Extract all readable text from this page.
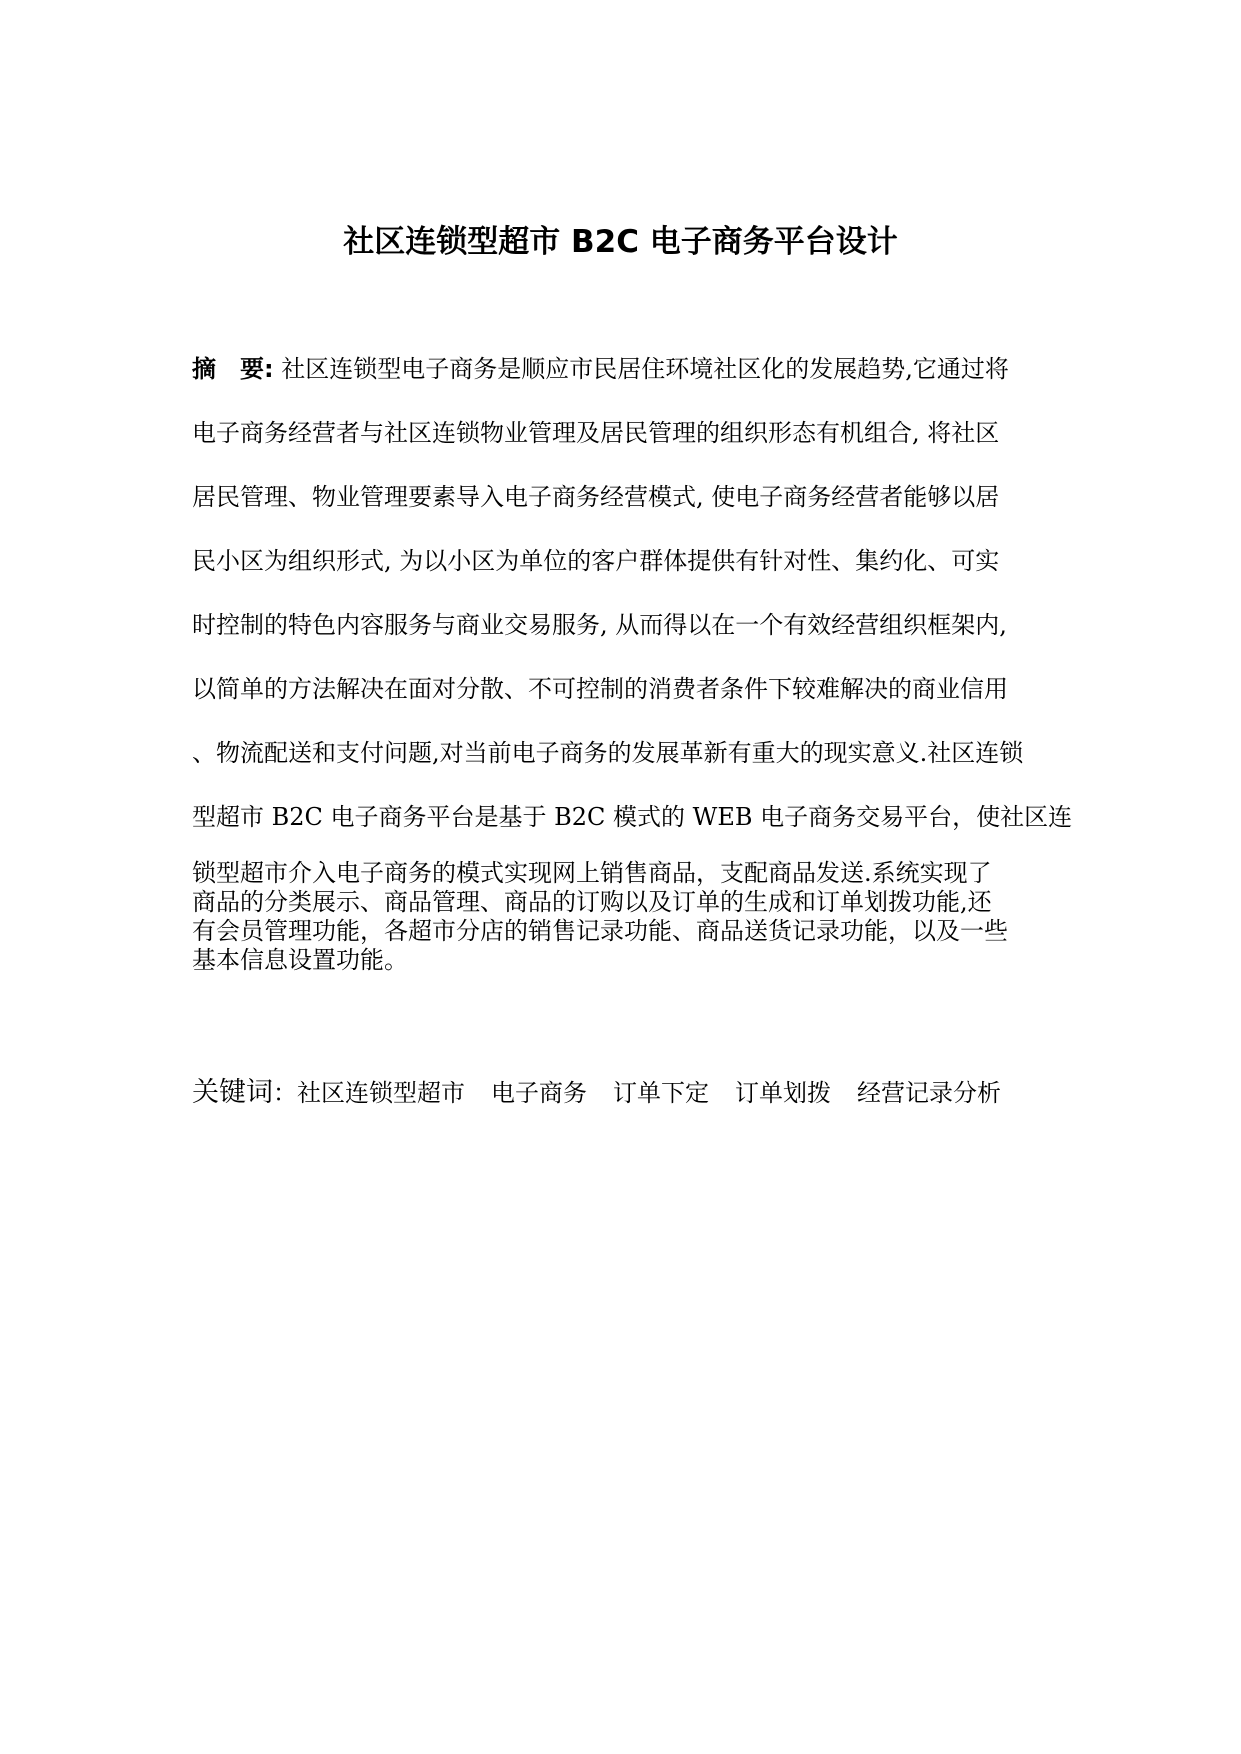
社区连锁型超市 B2C 电子商务平台设计

摘　要: 社区连锁型电子商务是顺应市民居住环境社区化的发展趋势,它通过将

电子商务经营者与社区连锁物业管理及居民管理的组织形态有机组合, 将社区

居民管理、物业管理要素导入电子商务经营模式, 使电子商务经营者能够以居

民小区为组织形式, 为以小区为单位的客户群体提供有针对性、集约化、可实

时控制的特色内容服务与商业交易服务, 从而得以在一个有效经营组织框架内,

以简单的方法解决在面对分散、不可控制的消费者条件下较难解决的商业信用

、物流配送和支付问题,对当前电子商务的发展革新有重大的现实意义.社区连锁

型超市 B2C 电子商务平台是基于 B2C 模式的 WEB 电子商务交易平台，使社区连

锁型超市介入电子商务的模式实现网上销售商品，支配商品发送.系统实现了
商品的分类展示、商品管理、商品的订购以及订单的生成和订单划拨功能,还
有会员管理功能，各超市分店的销售记录功能、商品送货记录功能，以及一些
基本信息设置功能。

关键词：社区连锁型超市 电子商务 订单下定 订单划拨 经营记录分析
